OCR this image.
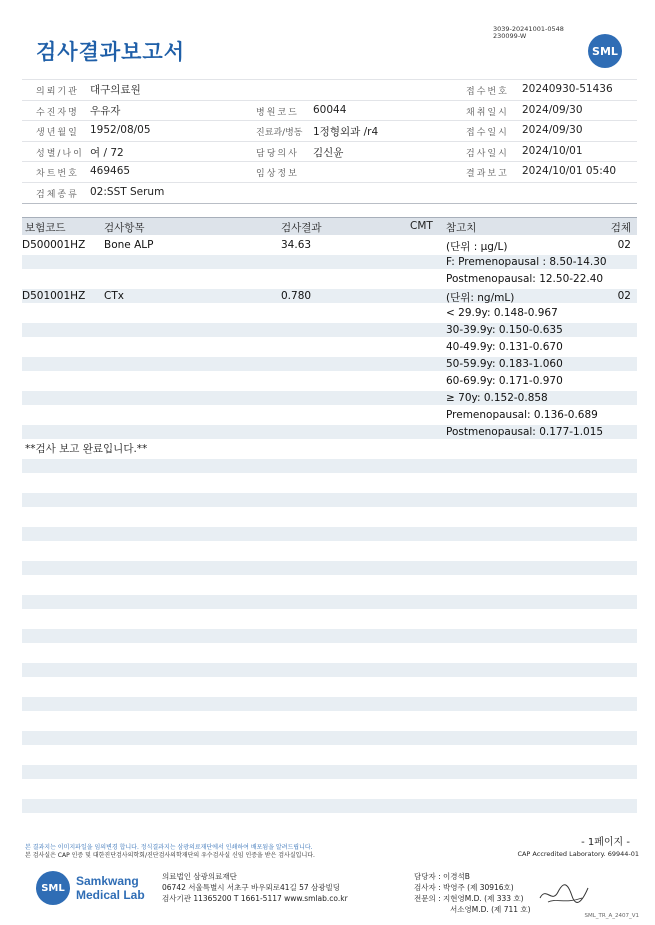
검사결과보고서
3039-20241001-0548
230099-W
SML
의뢰기관 대구의료원	접수번호 20240930-51436
수진자명 우유자	병원코드 60044	채취일시 2024/09/30
생년월일 1952/08/05	진료과/병동 1정형외과 /r4	접수일시 2024/09/30
성별/나이 여 / 72	담당의사 김신윤	검사일시 2024/10/01
차트번호 469465	임상정보	결과보고 2024/10/01 05:40
검체종류 02:SST Serum
보험코드	검사항목	검사결과	CMT 참고치	검체
D500001HZ Bone ALP	34.63	(단위 : μg/L)	02
F: Premenopausal : 8.50-14.30
Postmenopausal: 12.50-22.40
D501001HZ CTx	0.780	(단위: ng/mL)	02
< 29.9y: 0.148-0.967
30-39.9y: 0.150-0.635
40-49.9y: 0.131-0.670
50-59.9y: 0.183-1.060
60-69.9y: 0.171-0.970
≥ 70y: 0.152-0.858
Premenopausal: 0.136-0.689
Postmenopausal: 0.177-1.015
**검사 보고 완료입니다.**
- 1페이지 -
본 결과지는 이미지파일을 임의변경 합니다. 정식결과지는 삼광의료재단에서 인쇄하여 배포됨을 알려드립니다.
본 검사실은 CAP 인증 및 대한진단검사의학회/진단검사의학재단의 우수검사실 신임 인증을 받은 검사실입니다.	CAP Accredited Laboratory. 69944-01
SML Samkwang
Medical Lab
의료법인 삼광의료재단
06742 서울특별시 서초구 바우뫼로41길 57 삼광빌딩
검사기관 11365200 T 1661-5117 www.smlab.co.kr
담당자 : 이경석B
검사자 : 박영주 (제 30916호)
전문의 : 지현영M.D. (제 333 호)
서소영M.D. (제 711 호)
SML_TR_A_2407_V1
